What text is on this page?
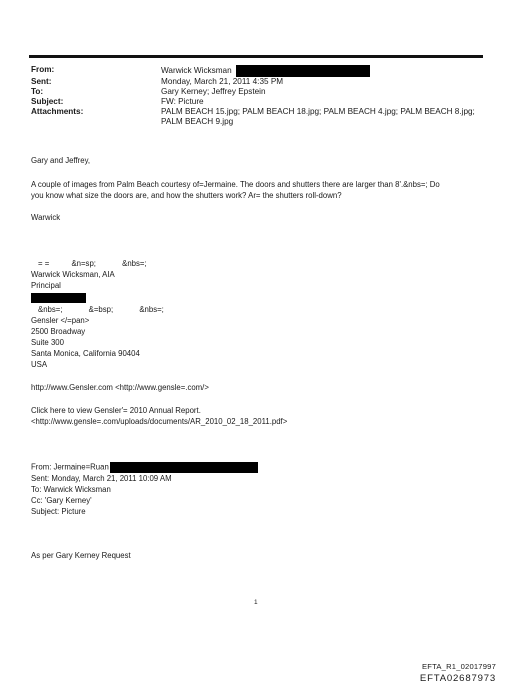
From:	Warwick Wicksman
Sent:	Monday, March 21, 2011 4:35 PM
To:	Gary Kerney; Jeffrey Epstein
Subject:	FW: Picture
Attachments:	PALM BEACH 15.jpg; PALM BEACH 18.jpg; PALM BEACH 4.jpg; PALM BEACH 8.jpg;
PALM BEACH 9.jpg
Gary and Jeffrey,
A couple of images from Palm Beach courtesy of=Jermaine. The doors and shutters there are larger than 8'.&nbs=; Do
you know what size the doors are, and how the shutters work? Ar= the shutters roll-down?
Warwick
= =	&n=sp;	&nbs=;
Warwick Wicksman, AIA
Principal
&nbs=;	&=bsp;	&nbs=;
Gensler </=pan>
2500 Broadway
Suite 300
Santa Monica, California 90404
USA
http://www.Gensler.com <http://www.gensle=.com/>
Click here to view Gensler'= 2010 Annual Report.
<http://www.gensle=.com/uploads/documents/AR_2010_02_18_2011.pdf>
From: Jermaine=Ruan
Sent: Monday, March 21, 2011 10:09 AM
To: Warwick Wicksman
Cc: 'Gary Kerney'
Subject: Picture
As per Gary Kerney Request
1
EFTA_R1_02017997
EFTA02687973
